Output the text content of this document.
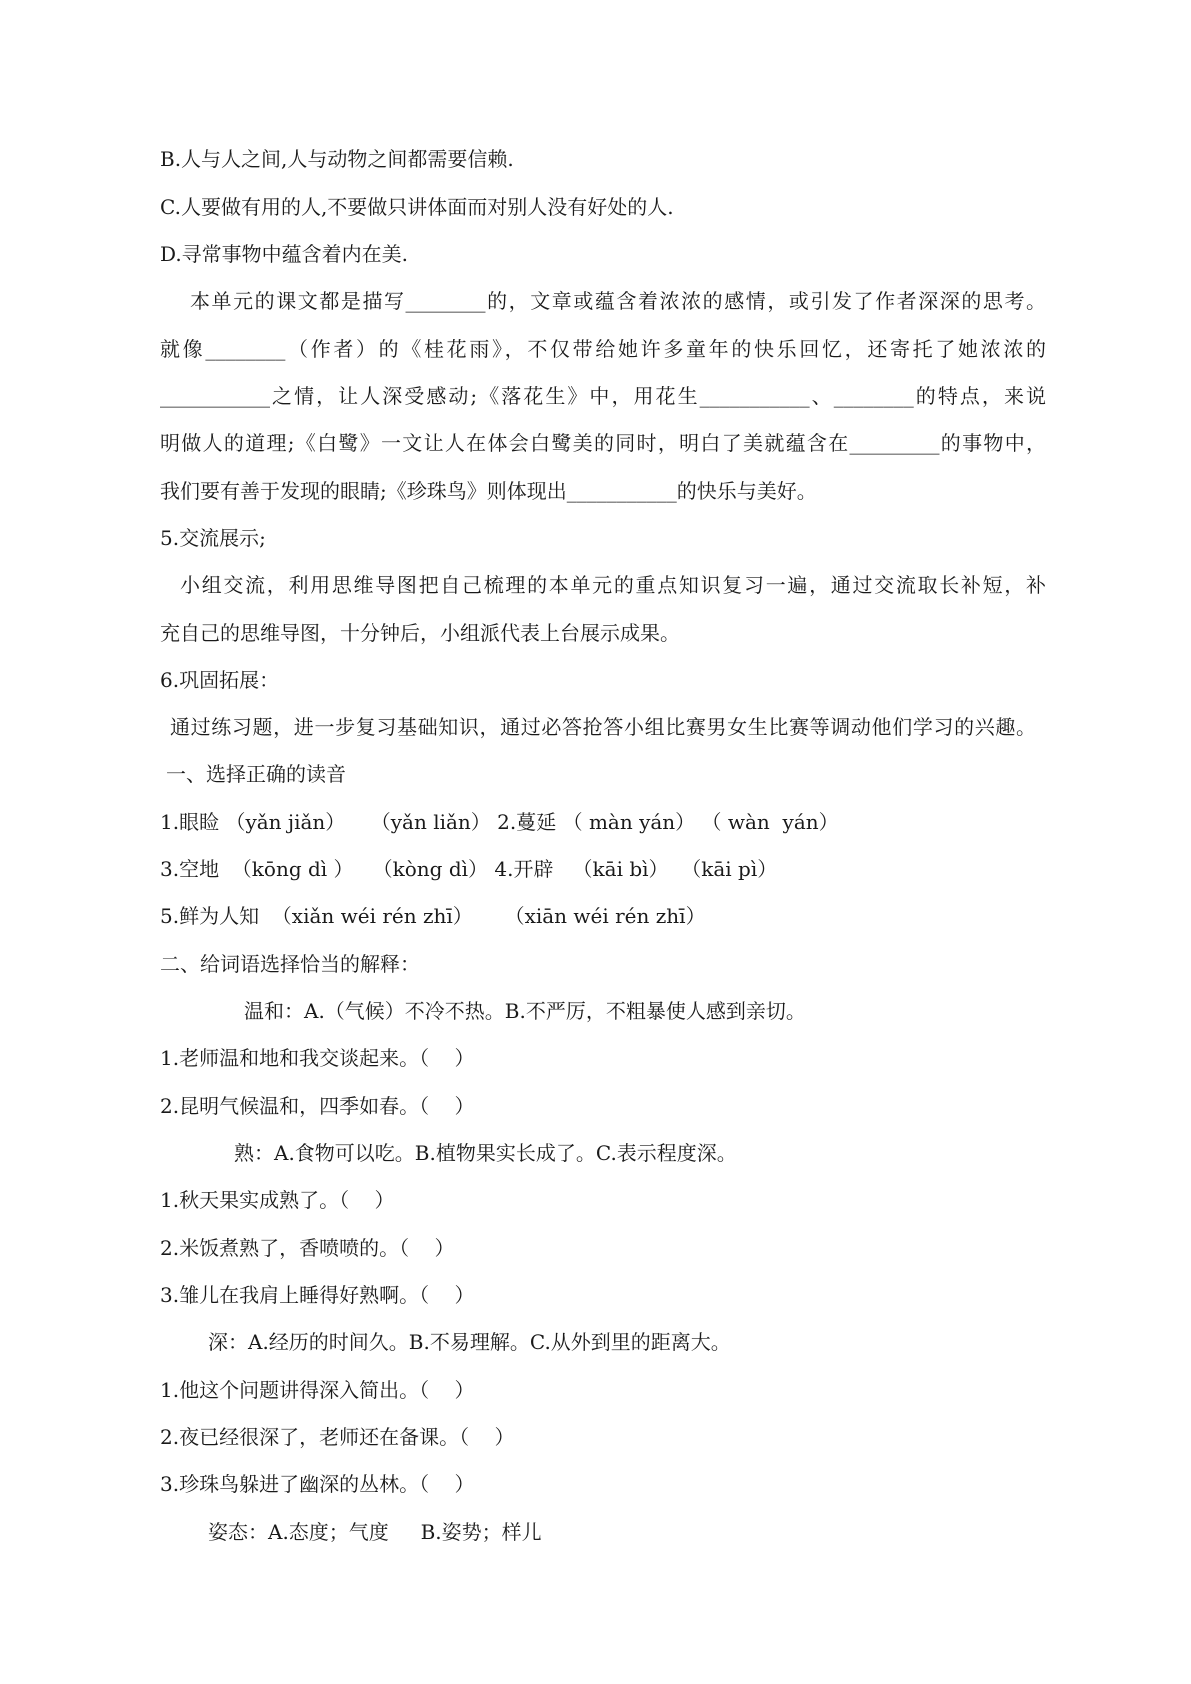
B.人与人之间,人与动物之间都需要信赖.
C.人要做有用的人,不要做只讲体面而对别人没有好处的人.
D.寻常事物中蕴含着内在美.
本单元的课文都是描写________的，文章或蕴含着浓浓的感情，或引发了作者深深的思考。
就像________（作者）的《桂花雨》，不仅带给她许多童年的快乐回忆，还寄托了她浓浓的
___________之情，让人深受感动;《落花生》中，用花生___________、________的特点，来说
明做人的道理;《白鹭》一文让人在体会白鹭美的同时，明白了美就蕴含在_________的事物中，
我们要有善于发现的眼睛;《珍珠鸟》则体现出___________的快乐与美好。
5.交流展示;
小组交流，利用思维导图把自己梳理的本单元的重点知识复习一遍，通过交流取长补短，补
充自己的思维导图，十分钟后，小组派代表上台展示成果。
6.巩固拓展：
通过练习题，进一步复习基础知识，通过必答抢答小组比赛男女生比赛等调动他们学习的兴趣。
一、选择正确的读音
1.眼睑 （yǎn jiǎn）    （yǎn liǎn） 2.蔓延 （ màn yán） （ wàn  yán）
3.空地  （kōng dì ）   （kòng dì） 4.开辟   （kāi bì）  （kāi pì）
5.鲜为人知  （xiǎn wéi rén zhī）     （xiān wéi rén zhī）
二、给词语选择恰当的解释：
温和：A.（气候）不冷不热。B.不严厉，不粗暴使人感到亲切。
1.老师温和地和我交谈起来。（    ）
2.昆明气候温和，四季如春。（    ）
熟：A.食物可以吃。B.植物果实长成了。C.表示程度深。
1.秋天果实成熟了。（    ）
2.米饭煮熟了，香喷喷的。（    ）
3.雏儿在我肩上睡得好熟啊。（    ）
深：A.经历的时间久。B.不易理解。C.从外到里的距离大。
1.他这个问题讲得深入简出。（    ）
2.夜已经很深了，老师还在备课。（    ）
3.珍珠鸟躲进了幽深的丛林。（    ）
姿态：A.态度；气度     B.姿势；样儿
